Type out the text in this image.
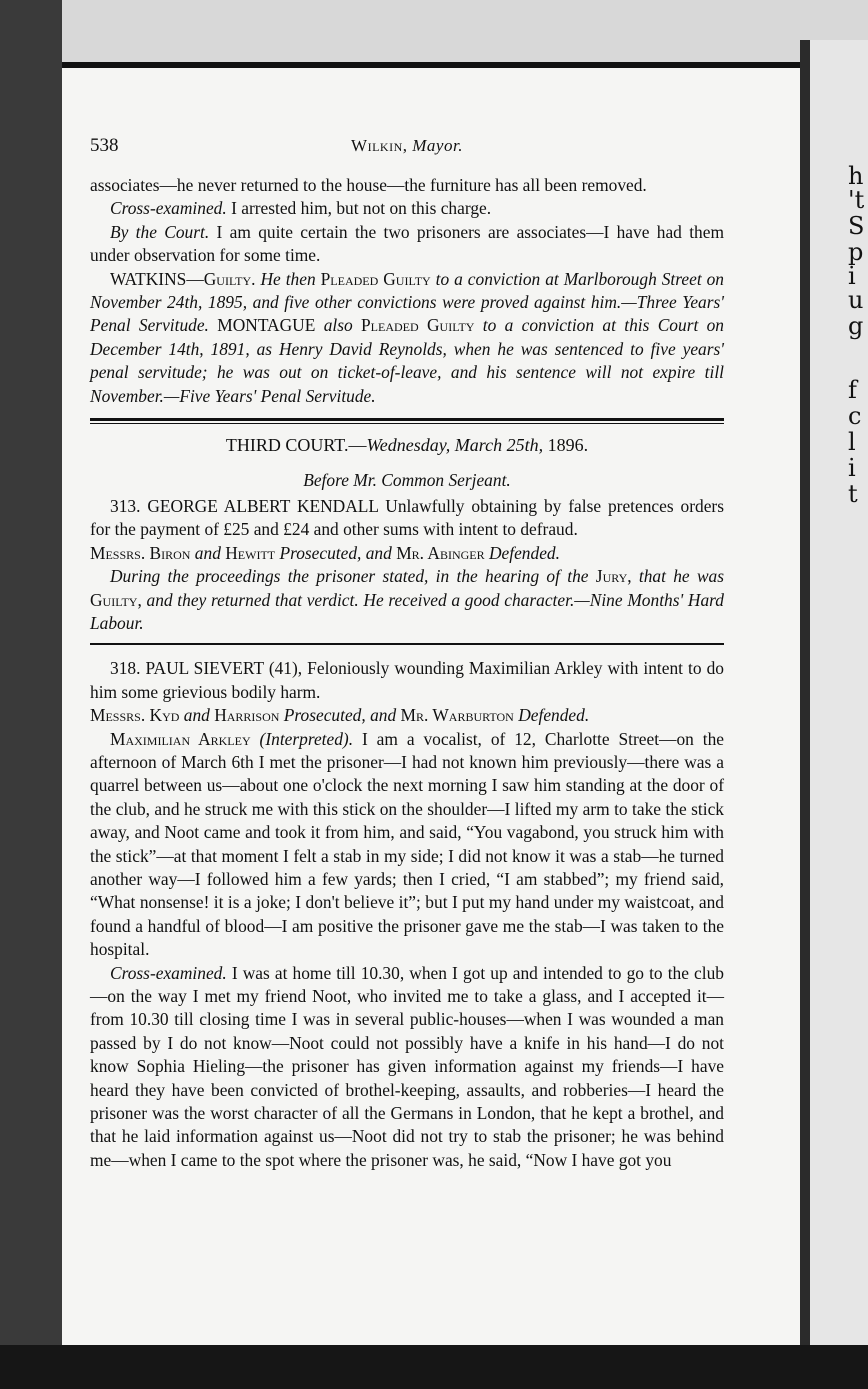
h
't
S
p
i
u
g
f
c
l
i
t
538	Wilkin, Mayor.

associates—he never returned to the house—the furniture has all been removed.

Cross-examined. I arrested him, but not on this charge.

By the Court. I am quite certain the two prisoners are associates—I have had them under observation for some time.

WATKINS—Guilty. He then Pleaded Guilty to a conviction at Marlborough Street on November 24th, 1895, and five other convictions were proved against him.—Three Years' Penal Servitude. MONTAGUE also Pleaded Guilty to a conviction at this Court on December 14th, 1891, as Henry David Reynolds, when he was sentenced to five years' penal servitude; he was out on ticket-of-leave, and his sentence will not expire till November.—Five Years' Penal Servitude.

THIRD COURT.—Wednesday, March 25th, 1896.

Before Mr. Common Serjeant.

313. GEORGE ALBERT KENDALL Unlawfully obtaining by false pretences orders for the payment of £25 and £24 and other sums with intent to defraud.

Messrs. Biron and Hewitt Prosecuted, and Mr. Abinger Defended.

During the proceedings the prisoner stated, in the hearing of the Jury, that he was Guilty, and they returned that verdict. He received a good character.—Nine Months' Hard Labour.

318. PAUL SIEVERT (41), Feloniously wounding Maximilian Arkley with intent to do him some grievious bodily harm.

Messrs. Kyd and Harrison Prosecuted, and Mr. Warburton Defended.

Maximilian Arkley (Interpreted). I am a vocalist, of 12, Charlotte Street—on the afternoon of March 6th I met the prisoner—I had not known him previously—there was a quarrel between us—about one o'clock the next morning I saw him standing at the door of the club, and he struck me with this stick on the shoulder—I lifted my arm to take the stick away, and Noot came and took it from him, and said, “You vagabond, you struck him with the stick”—at that moment I felt a stab in my side; I did not know it was a stab—he turned another way—I followed him a few yards; then I cried, “I am stabbed”; my friend said, “What nonsense! it is a joke; I don't believe it”; but I put my hand under my waistcoat, and found a handful of blood—I am positive the prisoner gave me the stab—I was taken to the hospital.

Cross-examined. I was at home till 10.30, when I got up and intended to go to the club—on the way I met my friend Noot, who invited me to take a glass, and I accepted it—from 10.30 till closing time I was in several public-houses—when I was wounded a man passed by I do not know—Noot could not possibly have a knife in his hand—I do not know Sophia Hieling—the prisoner has given information against my friends—I have heard they have been convicted of brothel-keeping, assaults, and robberies—I heard the prisoner was the worst character of all the Germans in London, that he kept a brothel, and that he laid information against us—Noot did not try to stab the prisoner; he was behind me—when I came to the spot where the prisoner was, he said, “Now I have got you
